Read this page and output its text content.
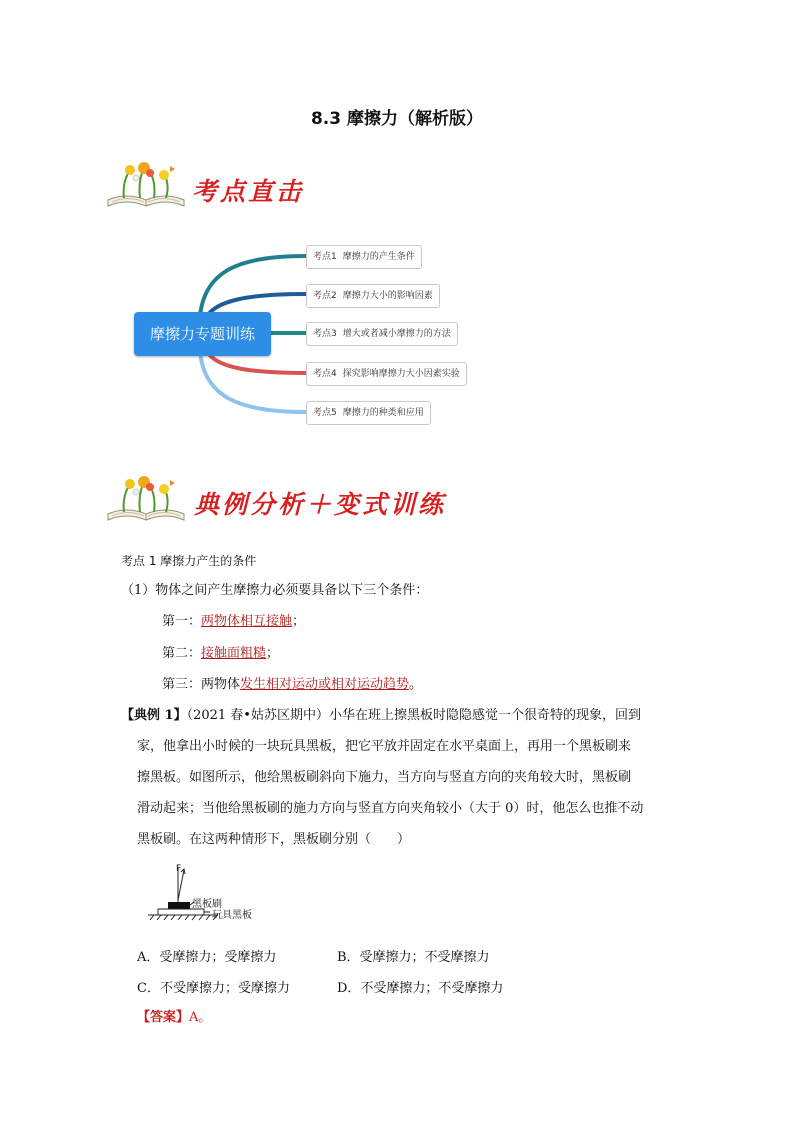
8.3 摩擦力（解析版）
考点直击
摩擦力专题训练
考点1 摩擦力的产生条件
考点2 摩擦力大小的影响因素
考点3 增大或者减小摩擦力的方法
考点4 探究影响摩擦力大小因素实验
考点5 摩擦力的种类和应用
典例分析＋变式训练
考点 1 摩擦力产生的条件
（1）物体之间产生摩擦力必须要具备以下三个条件：
第一：两物体相互接触；
第二：接触面粗糙；
第三：两物体发生相对运动或相对运动趋势。
【典例 1】（2021 春•姑苏区期中）小华在班上擦黑板时隐隐感觉一个很奇特的现象，回到
家，他拿出小时候的一块玩具黑板，把它平放并固定在水平桌面上，再用一个黑板刷来
擦黑板。如图所示，他给黑板刷斜向下施力，当方向与竖直方向的夹角较大时，黑板刷
滑动起来；当他给黑板刷的施力方向与竖直方向夹角较小（大于 0）时，他怎么也推不动
黑板刷。在这两种情形下，黑板刷分别（　　）
F
黑板刷
玩具黑板
A．受摩擦力；受摩擦力	B．受摩擦力；不受摩擦力
C．不受摩擦力；受摩擦力	D．不受摩擦力；不受摩擦力
【答案】A。
